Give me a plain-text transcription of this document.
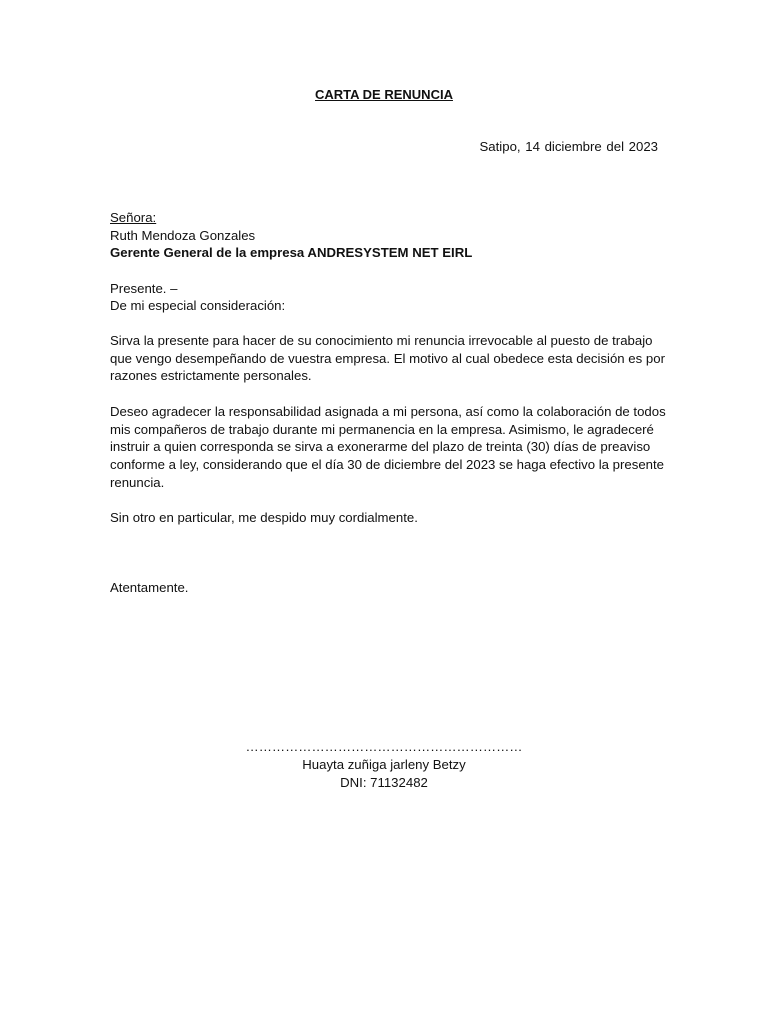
CARTA DE RENUNCIA
Satipo, 14 diciembre del 2023
Señora:
Ruth Mendoza Gonzales
Gerente General de la empresa ANDRESYSTEM NET EIRL
Presente. –
De mi especial consideración:
Sirva la presente para hacer de su conocimiento mi renuncia irrevocable al puesto de trabajo
que vengo desempeñando de vuestra empresa. El motivo al cual obedece esta decisión es por
razones estrictamente personales.
Deseo agradecer la responsabilidad asignada a mi persona, así como la colaboración de todos
mis compañeros de trabajo durante mi permanencia en la empresa. Asimismo, le agradeceré
instruir a quien corresponda se sirva a exonerarme del plazo de treinta (30) días de preaviso
conforme a ley, considerando que el día 30 de diciembre del 2023 se haga efectivo la presente
renuncia.
Sin otro en particular, me despido muy cordialmente.
Atentamente.
………………………………………………………
Huayta zuñiga jarleny Betzy
DNI: 71132482
